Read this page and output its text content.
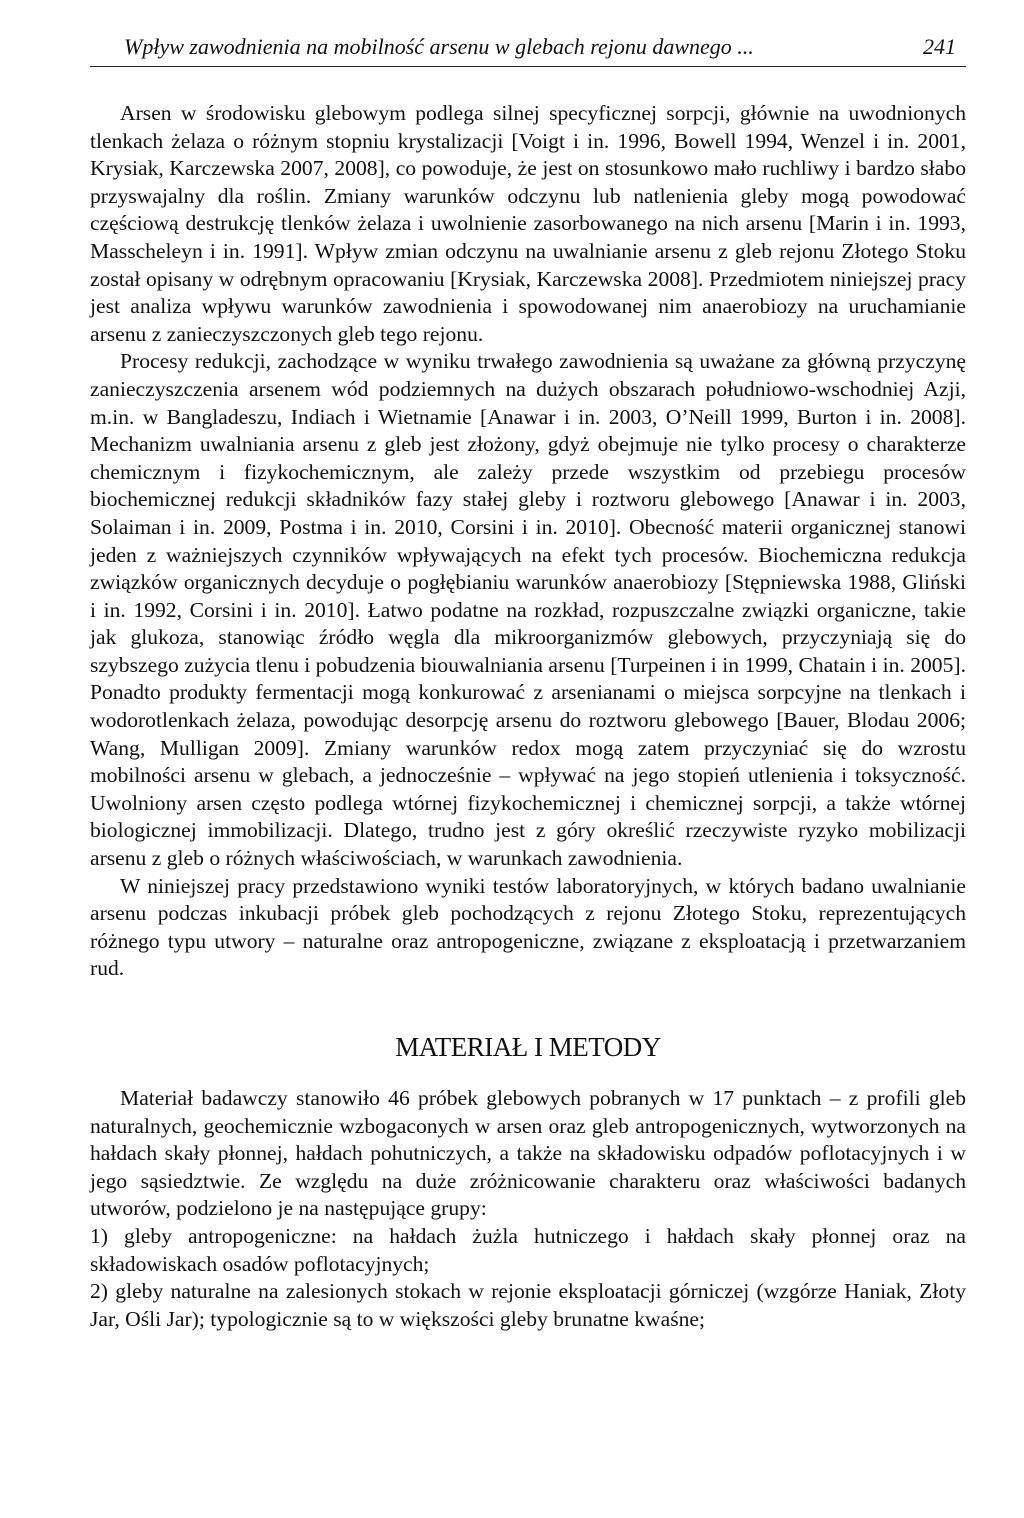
Wpływ zawodnienia na mobilność arsenu w glebach rejonu dawnego ...	241

Arsen w środowisku glebowym podlega silnej specyficznej sorpcji, głównie na uwodnionych tlenkach żelaza o różnym stopniu krystalizacji [Voigt i in. 1996, Bowell 1994, Wenzel i in. 2001, Krysiak, Karczewska 2007, 2008], co powoduje, że jest on stosunkowo mało ruchliwy i bardzo słabo przyswajalny dla roślin. Zmiany warunków odczynu lub natlenienia gleby mogą powodować częściową destrukcję tlenków żelaza i uwolnienie zasorbowanego na nich arsenu [Marin i in. 1993, Masscheleyn i in. 1991]. Wpływ zmian odczynu na uwalnianie arsenu z gleb rejonu Złotego Stoku został opisany w odrębnym opracowaniu [Krysiak, Karczewska 2008]. Przedmiotem niniejszej pracy jest analiza wpływu warunków zawodnienia i spowodowanej nim anaerobiozy na uruchamianie arsenu z zanieczyszczonych gleb tego rejonu.

Procesy redukcji, zachodzące w wyniku trwałego zawodnienia są uważane za główną przyczynę zanieczyszczenia arsenem wód podziemnych na dużych obszarach południowo-wschodniej Azji, m.in. w Bangladeszu, Indiach i Wietnamie [Anawar i in. 2003, O’Neill 1999, Burton i in. 2008]. Mechanizm uwalniania arsenu z gleb jest złożony, gdyż obejmuje nie tylko procesy o charakterze chemicznym i fizykochemicznym, ale zależy przede wszystkim od przebiegu procesów biochemicznej redukcji składników fazy stałej gleby i roztworu glebowego [Anawar i in. 2003, Solaiman i in. 2009, Postma i in. 2010, Corsini i in. 2010]. Obecność materii organicznej stanowi jeden z ważniejszych czynników wpływających na efekt tych procesów. Biochemiczna redukcja związków organicznych decyduje o pogłębianiu warunków anaerobiozy [Stępniewska 1988, Gliński i in. 1992, Corsini i in. 2010]. Łatwo podatne na rozkład, rozpuszczalne związki organiczne, takie jak glukoza, stanowiąc źródło węgla dla mikroorganizmów glebowych, przyczyniają się do szybszego zużycia tlenu i pobudzenia biouwalniania arsenu [Turpeinen i in 1999, Chatain i in. 2005]. Ponadto produkty fermentacji mogą konkurować z arsenianami o miejsca sorpcyjne na tlenkach i wodorotlenkach żelaza, powodując desorpcję arsenu do roztworu glebowego [Bauer, Blodau 2006; Wang, Mulligan 2009]. Zmiany warunków redox mogą zatem przyczyniać się do wzrostu mobilności arsenu w glebach, a jednocześnie – wpływać na jego stopień utlenienia i toksyczność. Uwolniony arsen często podlega wtórnej fizykochemicznej i chemicznej sorpcji, a także wtórnej biologicznej immobilizacji. Dlatego, trudno jest z góry określić rzeczywiste ryzyko mobilizacji arsenu z gleb o różnych właściwościach, w warunkach zawodnienia.

W niniejszej pracy przedstawiono wyniki testów laboratoryjnych, w których badano uwalnianie arsenu podczas inkubacji próbek gleb pochodzących z rejonu Złotego Stoku, reprezentujących różnego typu utwory – naturalne oraz antropogeniczne, związane z eksploatacją i przetwarzaniem rud.

MATERIAŁ I METODY

Materiał badawczy stanowiło 46 próbek glebowych pobranych w 17 punktach – z profili gleb naturalnych, geochemicznie wzbogaconych w arsen oraz gleb antropogenicznych, wytworzonych na hałdach skały płonnej, hałdach pohutniczych, a także na składowisku odpadów poflotacyjnych i w jego sąsiedztwie. Ze względu na duże zróżnicowanie charakteru oraz właściwości badanych utworów, podzielono je na następujące grupy:

1) gleby antropogeniczne: na hałdach żużla hutniczego i hałdach skały płonnej oraz na składowiskach osadów poflotacyjnych;

2) gleby naturalne na zalesionych stokach w rejonie eksploatacji górniczej (wzgórze Haniak, Złoty Jar, Ośli Jar); typologicznie są to w większości gleby brunatne kwaśne;
